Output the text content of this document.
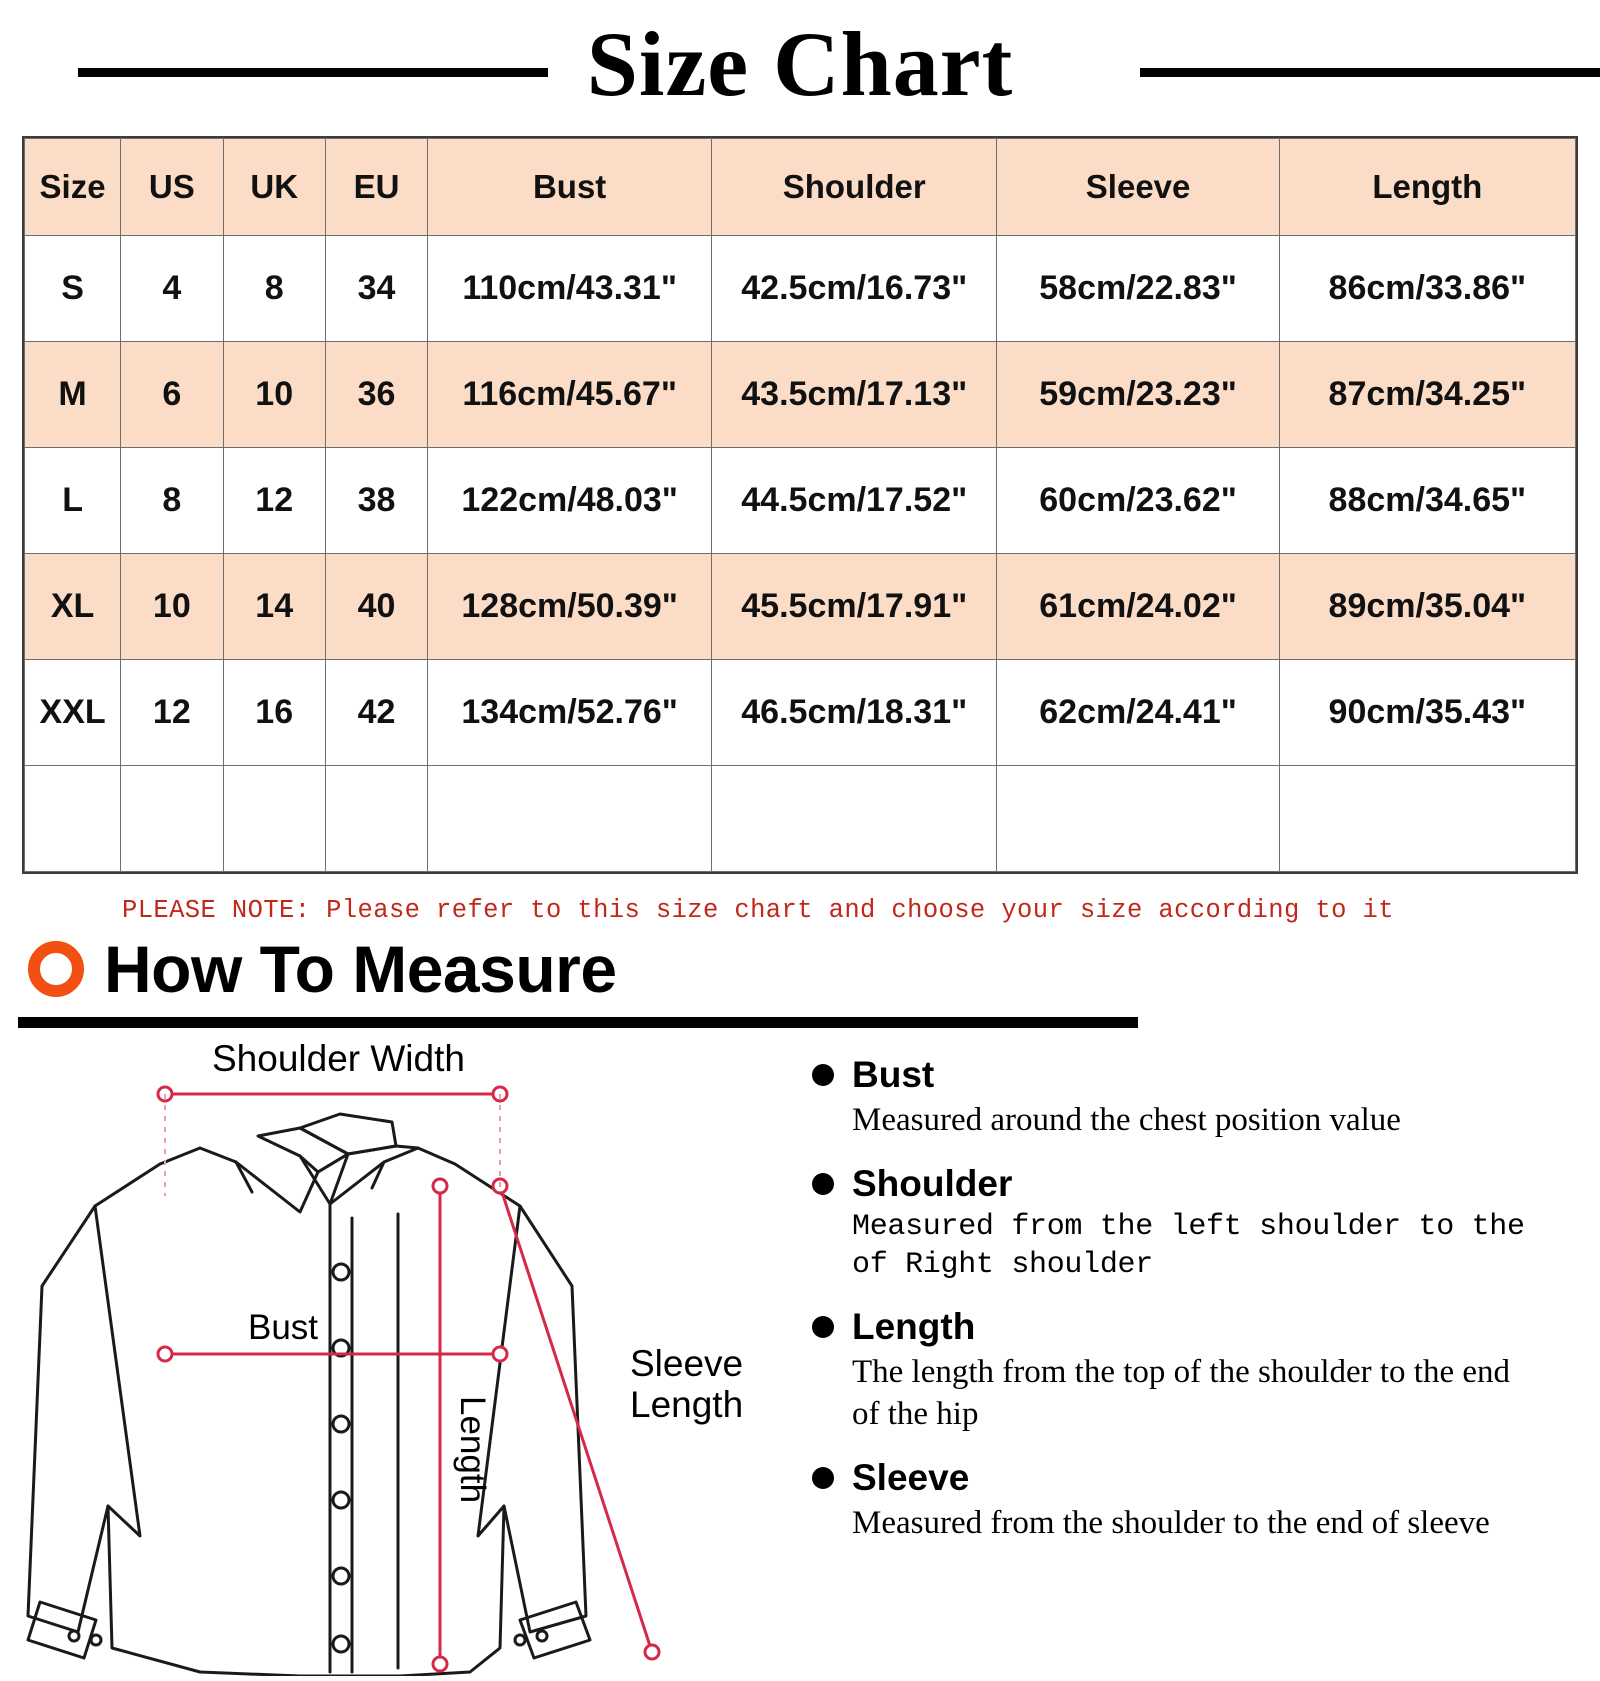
Size Chart
Size	US	UK	EU	Bust	Shoulder	Sleeve	Length
S	4	8	34	110cm/43.31"	42.5cm/16.73"	58cm/22.83"	86cm/33.86"
M	6	10	36	116cm/45.67"	43.5cm/17.13"	59cm/23.23"	87cm/34.25"
L	8	12	38	122cm/48.03"	44.5cm/17.52"	60cm/23.62"	88cm/34.65"
XL	10	14	40	128cm/50.39"	45.5cm/17.91"	61cm/24.02"	89cm/35.04"
XXL	12	16	42	134cm/52.76"	46.5cm/18.31"	62cm/24.41"	90cm/35.43"

PLEASE NOTE: Please refer to this size chart and choose your size according to it
How To Measure
Shoulder Width
Bust
Sleeve
Length
Length
Bust
Measured around the chest position value
Shoulder
Measured from the left shoulder to the of Right shoulder
Length
The length from the top of the shoulder to the end of the hip
Sleeve
Measured from the shoulder to the end of sleeve
